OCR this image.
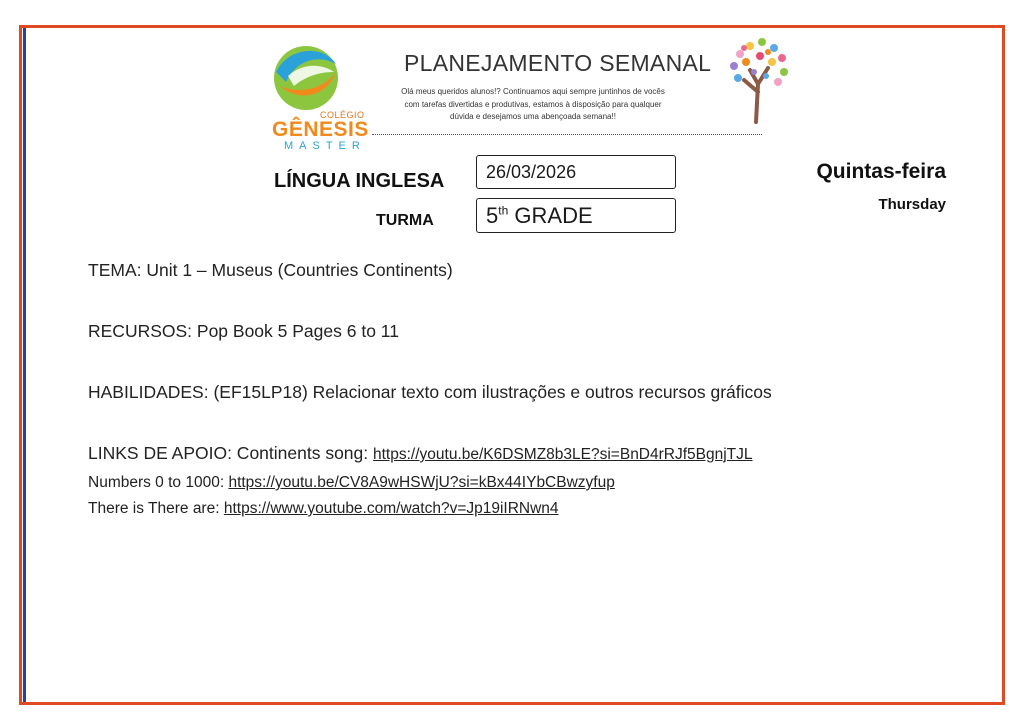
COLÉGIO
GÊNESIS
MASTER
PLANEJAMENTO SEMANAL
Olá meus queridos alunos!? Continuamos aqui sempre juntinhos de vocês
com tarefas divertidas e produtivas, estamos à disposição para qualquer
dúvida e desejamos uma abençoada semana!!
LÍNGUA INGLESA	26/03/2026
TURMA	5th GRADE
Quintas-feira
Thursday
TEMA: Unit 1 – Museus (Countries Continents)
RECURSOS: Pop Book 5 Pages 6 to 11
HABILIDADES: (EF15LP18) Relacionar texto com ilustrações e outros recursos gráficos
LINKS DE APOIO: Continents song: https://youtu.be/K6DSMZ8b3LE?si=BnD4rRJf5BgnjTJL
Numbers 0 to 1000: https://youtu.be/CV8A9wHSWjU?si=kBx44IYbCBwzyfup
There is There are: https://www.youtube.com/watch?v=Jp19iIRNwn4
